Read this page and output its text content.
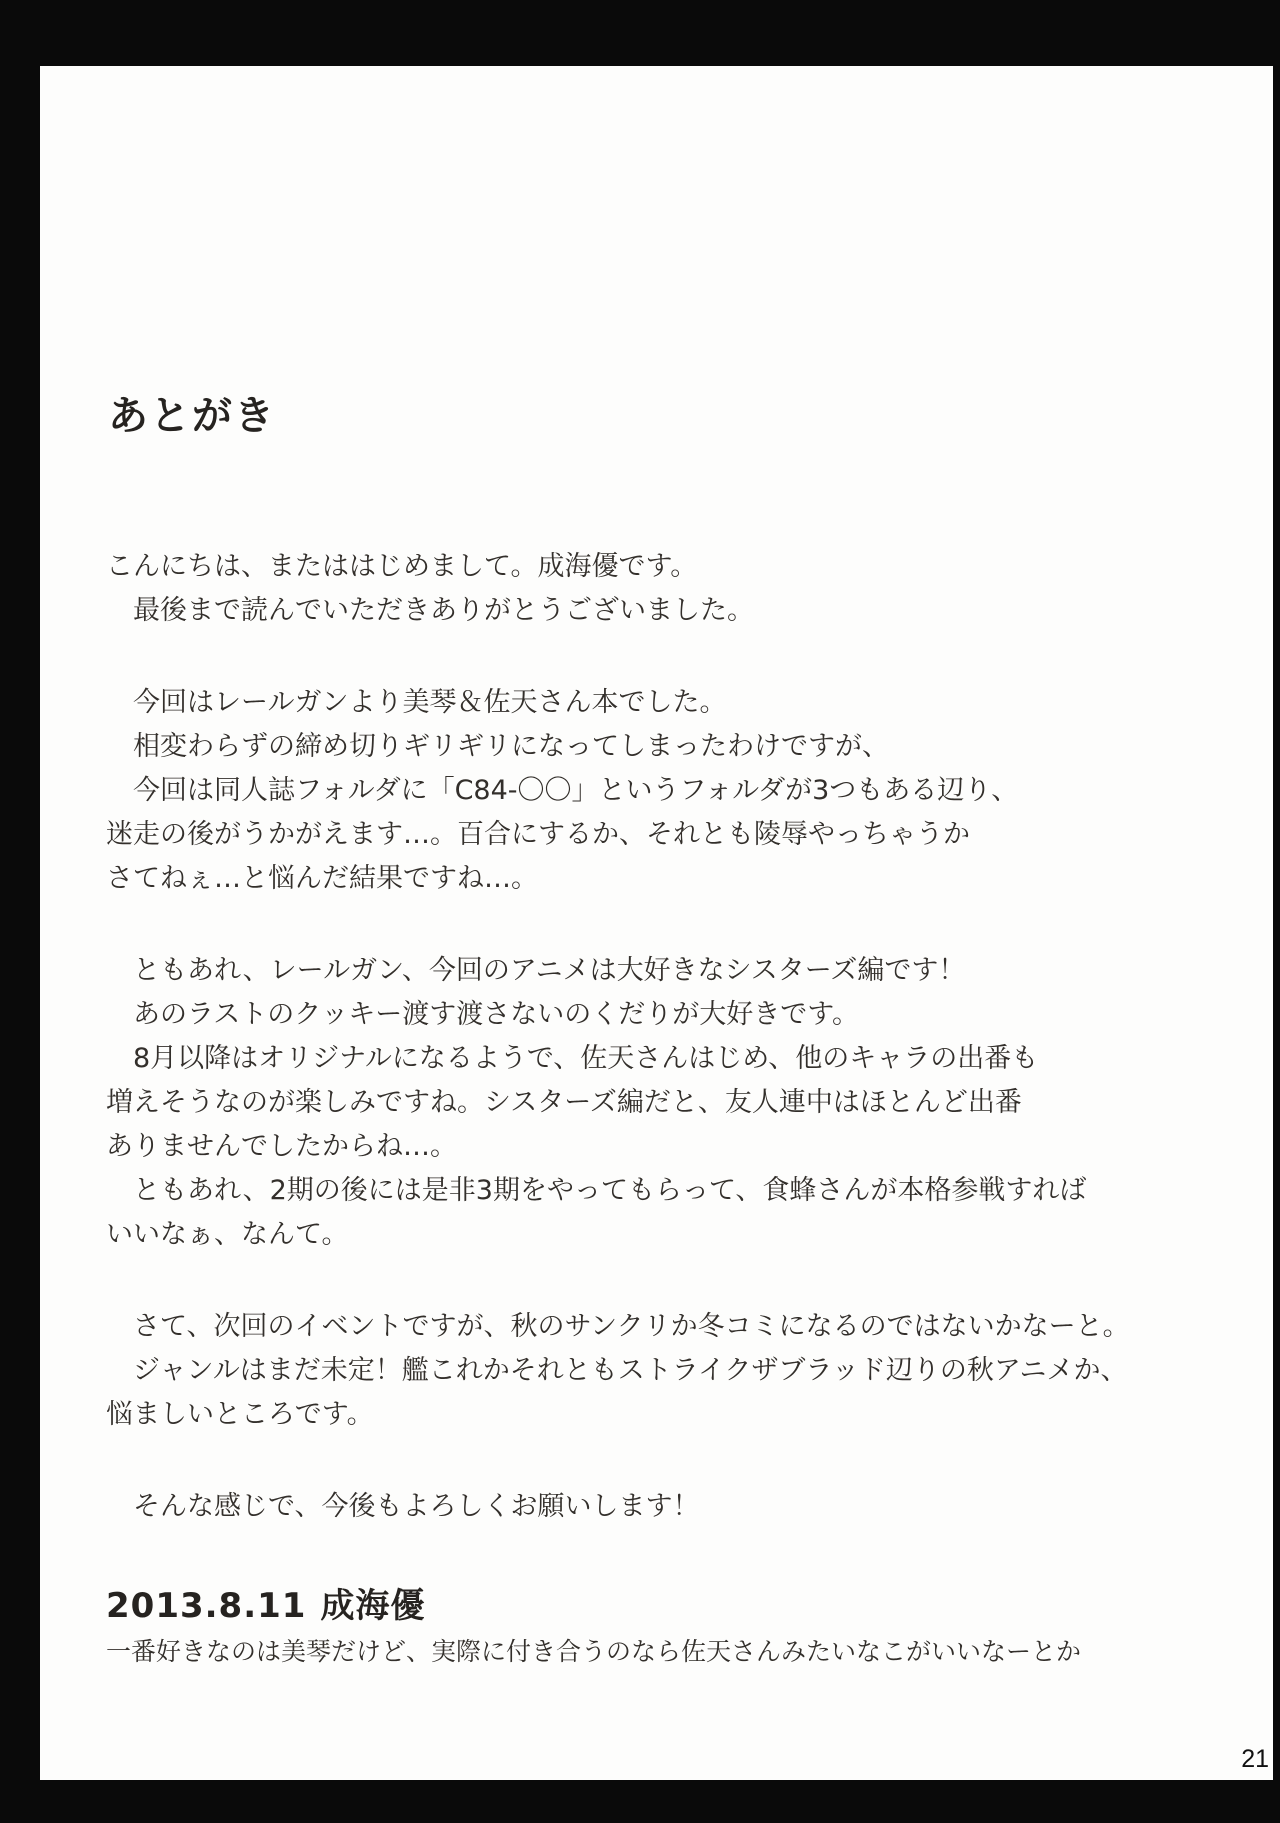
あとがき

こんにちは、またははじめまして。成海優です。
　最後まで読んでいただきありがとうございました。

　今回はレールガンより美琴＆佐天さん本でした。
　相変わらずの締め切りギリギリになってしまったわけですが、
　今回は同人誌フォルダに「C84-〇〇」というフォルダが3つもある辺り、
迷走の後がうかがえます…。百合にするか、それとも陵辱やっちゃうか
さてねぇ…と悩んだ結果ですね…。

　ともあれ、レールガン、今回のアニメは大好きなシスターズ編です！
　あのラストのクッキー渡す渡さないのくだりが大好きです。
　8月以降はオリジナルになるようで、佐天さんはじめ、他のキャラの出番も
増えそうなのが楽しみですね。シスターズ編だと、友人連中はほとんど出番
ありませんでしたからね…。
　ともあれ、2期の後には是非3期をやってもらって、食蜂さんが本格参戦すれば
いいなぁ、なんて。

　さて、次回のイベントですが、秋のサンクリか冬コミになるのではないかなーと。
　ジャンルはまだ未定！艦これかそれともストライクザブラッド辺りの秋アニメか、
悩ましいところです。

　そんな感じで、今後もよろしくお願いします！

2013.8.11 成海優
一番好きなのは美琴だけど、実際に付き合うのなら佐天さんみたいなこがいいなーとか
21
